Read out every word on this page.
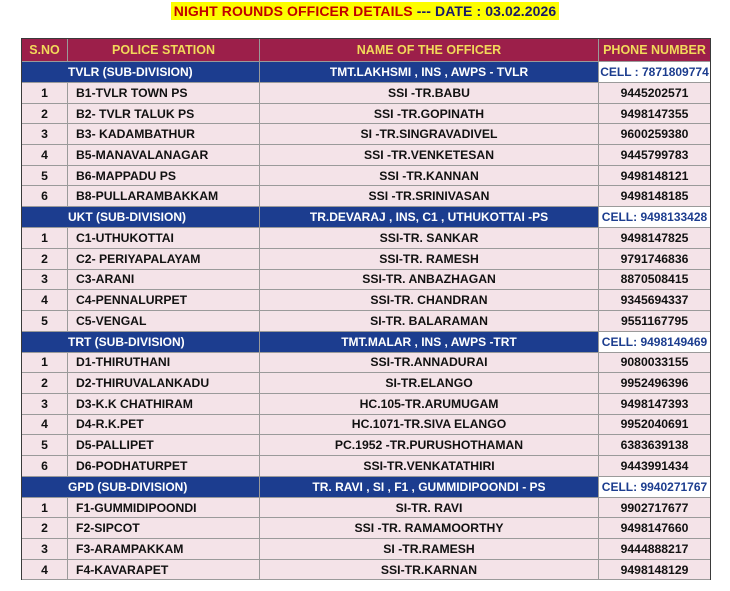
NIGHT ROUNDS OFFICER DETAILS --- DATE : 03.02.2026
S.NO	POLICE STATION	NAME OF THE OFFICER	PHONE NUMBER
TVLR (SUB-DIVISION)	TMT.LAKHSMI , INS , AWPS - TVLR	CELL : 7871809774
1	B1-TVLR TOWN PS	SSI -TR.BABU	9445202571
2	B2- TVLR TALUK PS	SSI -TR.GOPINATH	9498147355
3	B3- KADAMBATHUR	SI -TR.SINGRAVADIVEL	9600259380
4	B5-MANAVALANAGAR	SSI -TR.VENKETESAN	9445799783
5	B6-MAPPADU PS	SSI -TR.KANNAN	9498148121
6	B8-PULLARAMBAKKAM	SSI -TR.SRINIVASAN	9498148185
UKT (SUB-DIVISION)	TR.DEVARAJ , INS, C1 , UTHUKOTTAI -PS	CELL: 9498133428
1	C1-UTHUKOTTAI	SSI-TR. SANKAR	9498147825
2	C2- PERIYAPALAYAM	SSI-TR. RAMESH	9791746836
3	C3-ARANI	SSI-TR. ANBAZHAGAN	8870508415
4	C4-PENNALURPET	SSI-TR. CHANDRAN	9345694337
5	C5-VENGAL	SI-TR. BALARAMAN	9551167795
TRT (SUB-DIVISION)	TMT.MALAR , INS , AWPS -TRT	CELL: 9498149469
1	D1-THIRUTHANI	SSI-TR.ANNADURAI	9080033155
2	D2-THIRUVALANKADU	SI-TR.ELANGO	9952496396
3	D3-K.K CHATHIRAM	HC.105-TR.ARUMUGAM	9498147393
4	D4-R.K.PET	HC.1071-TR.SIVA ELANGO	9952040691
5	D5-PALLIPET	PC.1952 -TR.PURUSHOTHAMAN	6383639138
6	D6-PODHATURPET	SSI-TR.VENKATATHIRI	9443991434
GPD (SUB-DIVISION)	TR. RAVI , SI , F1 , GUMMIDIPOONDI - PS	CELL: 9940271767
1	F1-GUMMIDIPOONDI	SI-TR. RAVI	9902717677
2	F2-SIPCOT	SSI -TR. RAMAMOORTHY	9498147660
3	F3-ARAMPAKKAM	SI -TR.RAMESH	9444888217
4	F4-KAVARAPET	SSI-TR.KARNAN	9498148129
